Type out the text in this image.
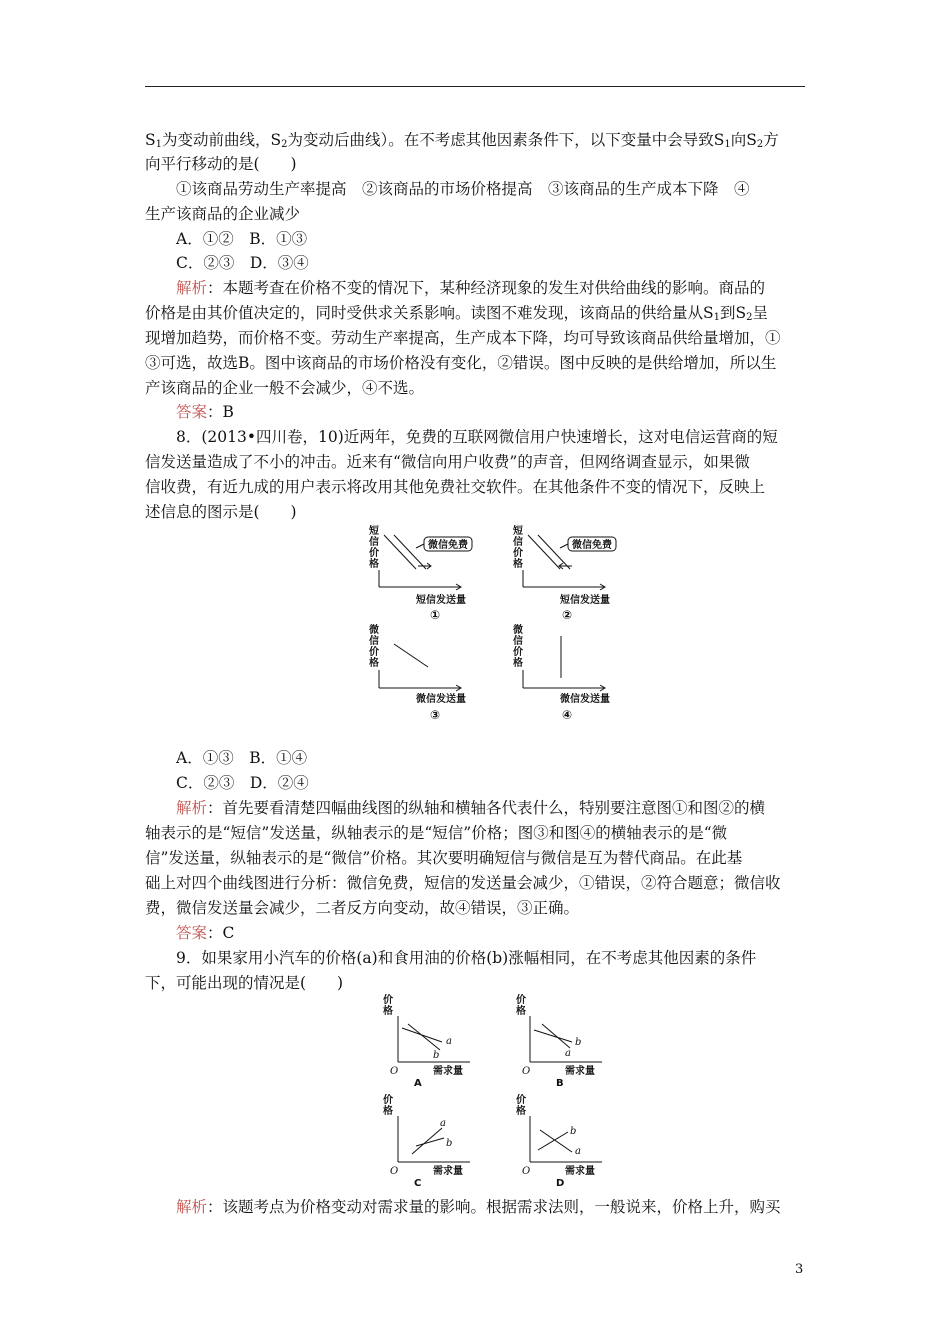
$S_1$为变动前曲线，$S_2$为变动后曲线）。在不考虑其他因素条件下，以下变量中会导致$S_1$向$S_2$方
向平行移动的是(　　)
①该商品劳动生产率提高　②该商品的市场价格提高　③该商品的生产成本下降　④
生产该商品的企业减少
A．①②　B．①③
C．②③　D．③④
解析：本题考查在价格不变的情况下，某种经济现象的发生对供给曲线的影响。商品的
价格是由其价值决定的，同时受供求关系影响。读图不难发现，该商品的供给量从$S_1$到$S_2$呈
现增加趋势，而价格不变。劳动生产率提高，生产成本下降，均可导致该商品供给量增加，①
③可选，故选B。图中该商品的市场价格没有变化，②错误。图中反映的是供给增加，所以生
产该商品的企业一般不会减少，④不选。
答案：B
8．(2013•四川卷，10)近两年，免费的互联网微信用户快速增长，这对电信运营商的短
信发送量造成了不小的冲击。近来有“微信向用户收费”的声音，但网络调查显示，如果微
信收费，有近九成的用户表示将改用其他免费社交软件。在其他条件不变的情况下，反映上
述信息的图示是(　　)
短
信
价
格
微信免费
短信发送量
①
短
信
价
格
微信免费
短信发送量
②
微
信
价
格
微信发送量
③
微
信
价
格
微信发送量
④
A．①③　B．①④
C．②③　D．②④
解析：首先要看清楚四幅曲线图的纵轴和横轴各代表什么，特别要注意图①和图②的横
轴表示的是“短信”发送量，纵轴表示的是“短信”价格；图③和图④的横轴表示的是“微
信”发送量，纵轴表示的是“微信”价格。其次要明确短信与微信是互为替代商品。在此基
础上对四个曲线图进行分析：微信免费，短信的发送量会减少，①错误，②符合题意；微信收
费，微信发送量会减少，二者反方向变动，故④错误，③正确。
答案：C
9．如果家用小汽车的价格(a)和食用油的价格(b)涨幅相同，在不考虑其他因素的条件
下，可能出现的情况是(　　)
价
格
O
a
b
需求量
A
价
格
O
b
a
需求量
B
价
格
O
a
b
需求量
C
价
格
O
b
a
需求量
D
解析：该题考点为价格变动对需求量的影响。根据需求法则，一般说来，价格上升，购买
3
